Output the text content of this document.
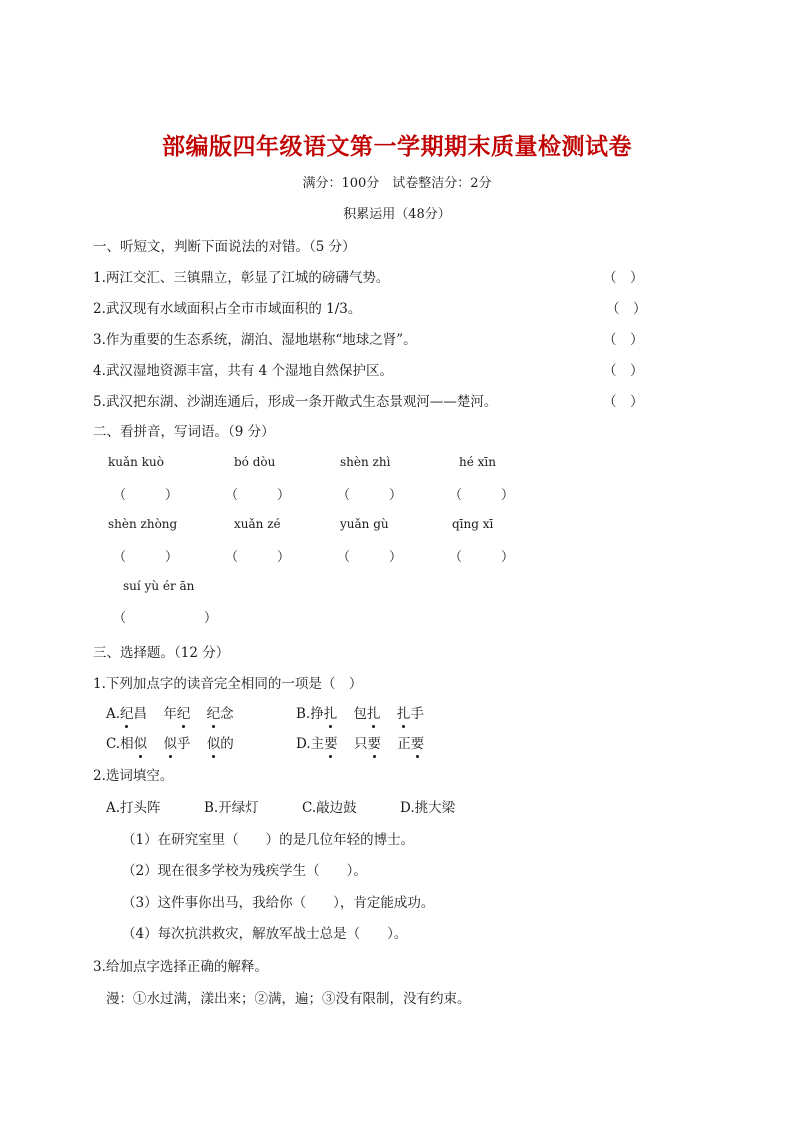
部编版四年级语文第一学期期末质量检测试卷
满分：100分　试卷整洁分：2分
积累运用（48分）
一、听短文，判断下面说法的对错。（5 分）
1.两江交汇、三镇鼎立，彰显了江城的磅礴气势。	（　）
2.武汉现有水域面积占全市市域面积的 1/3。	（　）
3.作为重要的生态系统，湖泊、湿地堪称“地球之肾”。	（　）
4.武汉湿地资源丰富，共有 4 个湿地自然保护区。	（　）
5.武汉把东湖、沙湖连通后，形成一条开敞式生态景观河——楚河。	（　）
二、看拼音，写词语。（9 分）
kuǎn kuò	bó dòu	shèn zhì	hé xīn
（　　　）	（　　　）	（　　　）	（　　　）
shèn zhòng	xuǎn zé	yuǎn gù	qīng xī
（　　　）	（　　　）	（　　　）	（　　　）
suí yù ér ān
（　　　　　　）
三、选择题。（12 分）
1.下列加点字的读音完全相同的一项是（　）
A.纪昌 年纪 纪念	B.挣扎 包扎 扎手
C.相似 似乎 似的	D.主要 只要 正要
2.选词填空。
A.打头阵	B.开绿灯	C.敲边鼓	D.挑大梁
（1）在研究室里（　　）的是几位年轻的博士。
（2）现在很多学校为残疾学生（　　）。
（3）这件事你出马，我给你（　　），肯定能成功。
（4）每次抗洪救灾，解放军战士总是（　　）。
3.给加点字选择正确的解释。
漫：①水过满，漾出来；②满，遍；③没有限制，没有约束。
